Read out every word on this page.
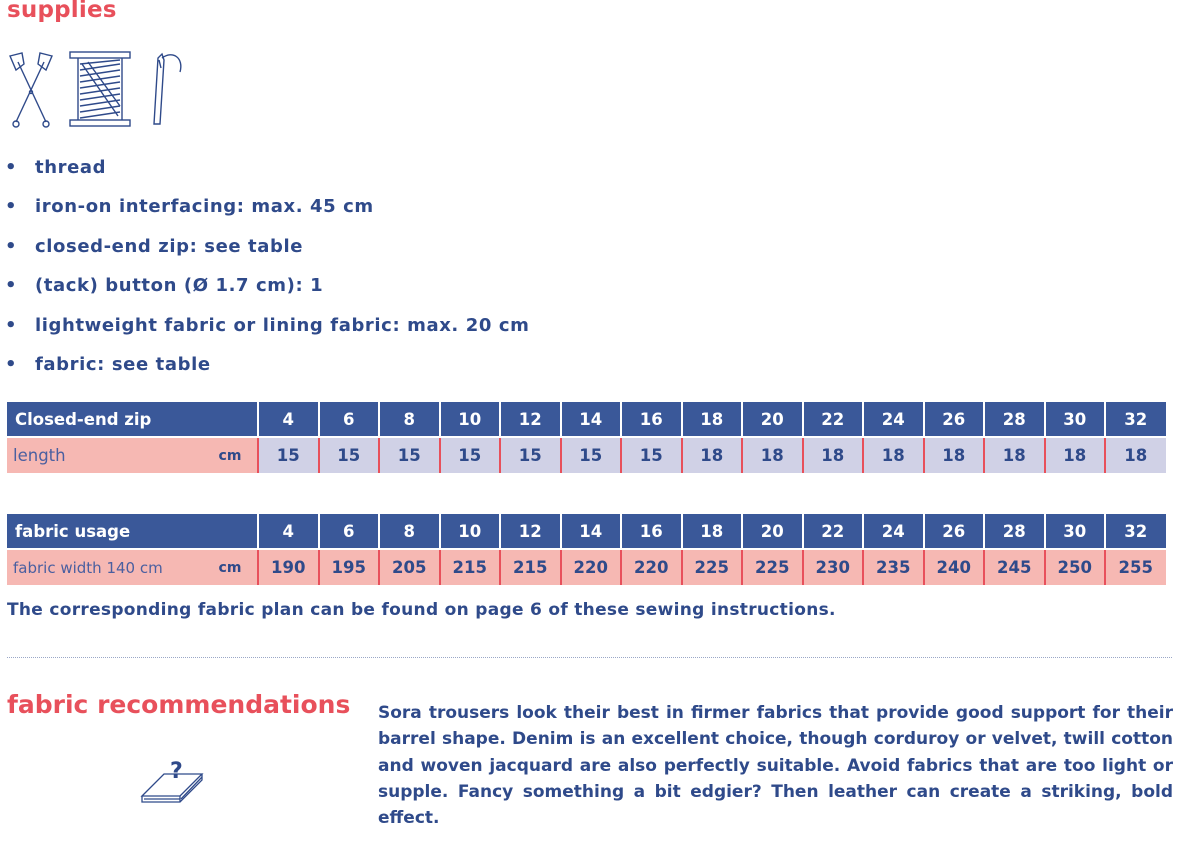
supplies
• thread
• iron-on interfacing: max. 45 cm
• closed-end zip: see table
• (tack) button (Ø 1.7 cm): 1
• lightweight fabric or lining fabric: max. 20 cm
• fabric: see table
Closed-end zip		4	6	8	10	12	14	16	18	20	22	24	26	28	30	32
length	cm	15	15	15	15	15	15	15	18	18	18	18	18	18	18	18
fabric usage		4	6	8	10	12	14	16	18	20	22	24	26	28	30	32
fabric width 140 cm	cm	190	195	205	215	215	220	220	225	225	230	235	240	245	250	255
The corresponding fabric plan can be found on page 6 of these sewing instructions.
fabric recommendations
?
Sora trousers look their best in firmer fabrics that provide good support for their barrel shape. Denim is an excellent choice, though corduroy or velvet, twill cotton and woven jacquard are also perfectly suitable. Avoid fabrics that are too light or supple. Fancy something a bit edgier? Then leather can create a striking, bold effect.
